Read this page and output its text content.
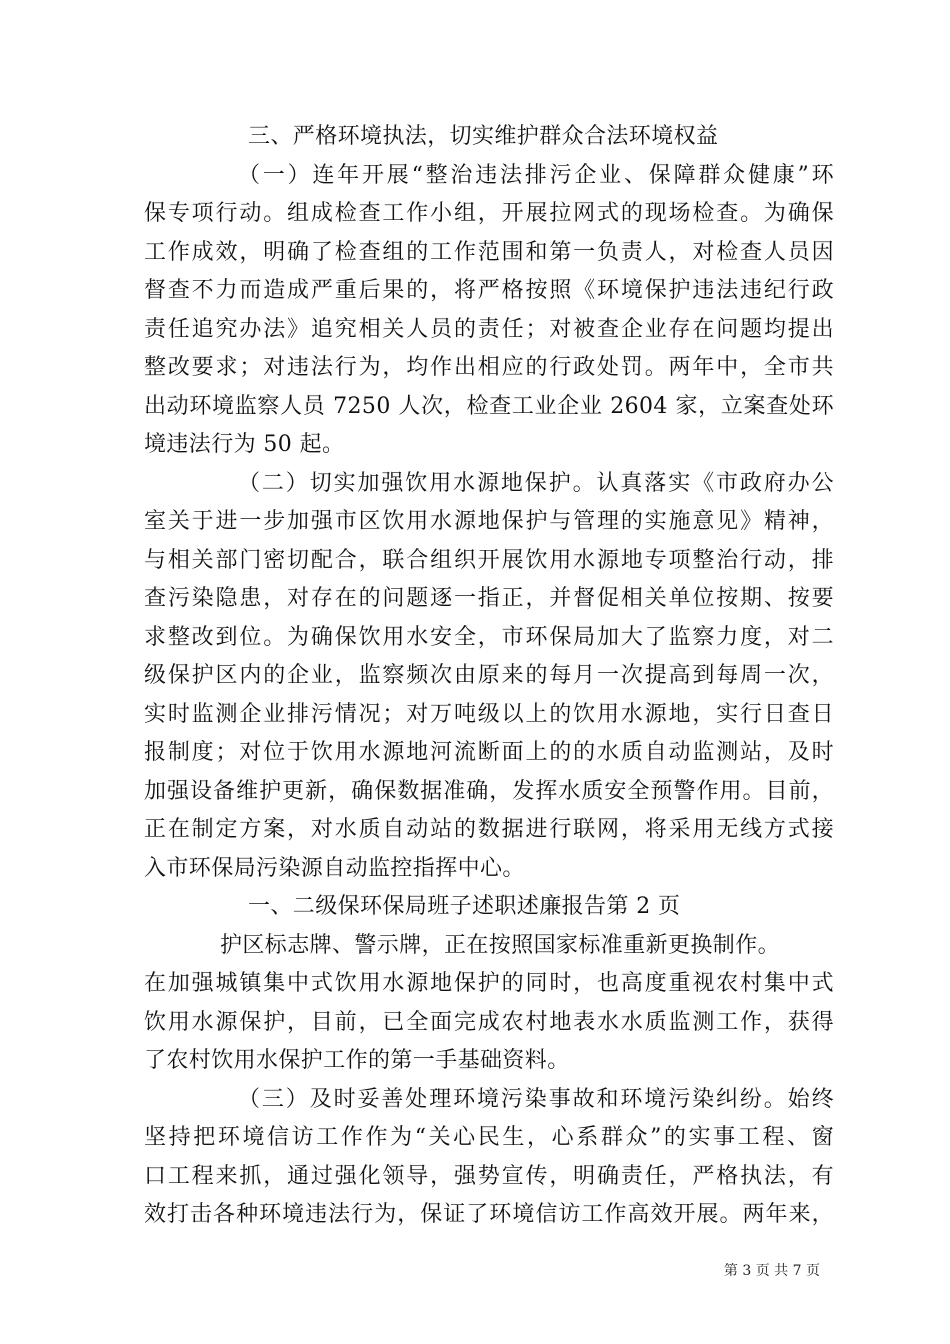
三、严格环境执法，切实维护群众合法环境权益
（一）连年开展“整治违法排污企业、保障群众健康”环
保专项行动。组成检查工作小组，开展拉网式的现场检查。为确保
工作成效，明确了检查组的工作范围和第一负责人，对检查人员因
督查不力而造成严重后果的，将严格按照《环境保护违法违纪行政
责任追究办法》追究相关人员的责任；对被查企业存在问题均提出
整改要求；对违法行为，均作出相应的行政处罚。两年中，全市共
出动环境监察人员 7250 人次，检查工业企业 2604 家，立案查处环
境违法行为 50 起。
（二）切实加强饮用水源地保护。认真落实《市政府办公
室关于进一步加强市区饮用水源地保护与管理的实施意见》精神，
与相关部门密切配合，联合组织开展饮用水源地专项整治行动，排
查污染隐患，对存在的问题逐一指正，并督促相关单位按期、按要
求整改到位。为确保饮用水安全，市环保局加大了监察力度，对二
级保护区内的企业，监察频次由原来的每月一次提高到每周一次，
实时监测企业排污情况；对万吨级以上的饮用水源地，实行日查日
报制度；对位于饮用水源地河流断面上的的水质自动监测站，及时
加强设备维护更新，确保数据准确，发挥水质安全预警作用。目前，
正在制定方案，对水质自动站的数据进行联网，将采用无线方式接
入市环保局污染源自动监控指挥中心。
一、二级保环保局班子述职述廉报告第 2 页
护区标志牌、警示牌，正在按照国家标准重新更换制作。
在加强城镇集中式饮用水源地保护的同时，也高度重视农村集中式
饮用水源保护，目前，已全面完成农村地表水水质监测工作，获得
了农村饮用水保护工作的第一手基础资料。
（三）及时妥善处理环境污染事故和环境污染纠纷。始终
坚持把环境信访工作作为“关心民生，心系群众”的实事工程、窗
口工程来抓，通过强化领导，强势宣传，明确责任，严格执法，有
效打击各种环境违法行为，保证了环境信访工作高效开展。两年来，
第 3 页 共 7 页
